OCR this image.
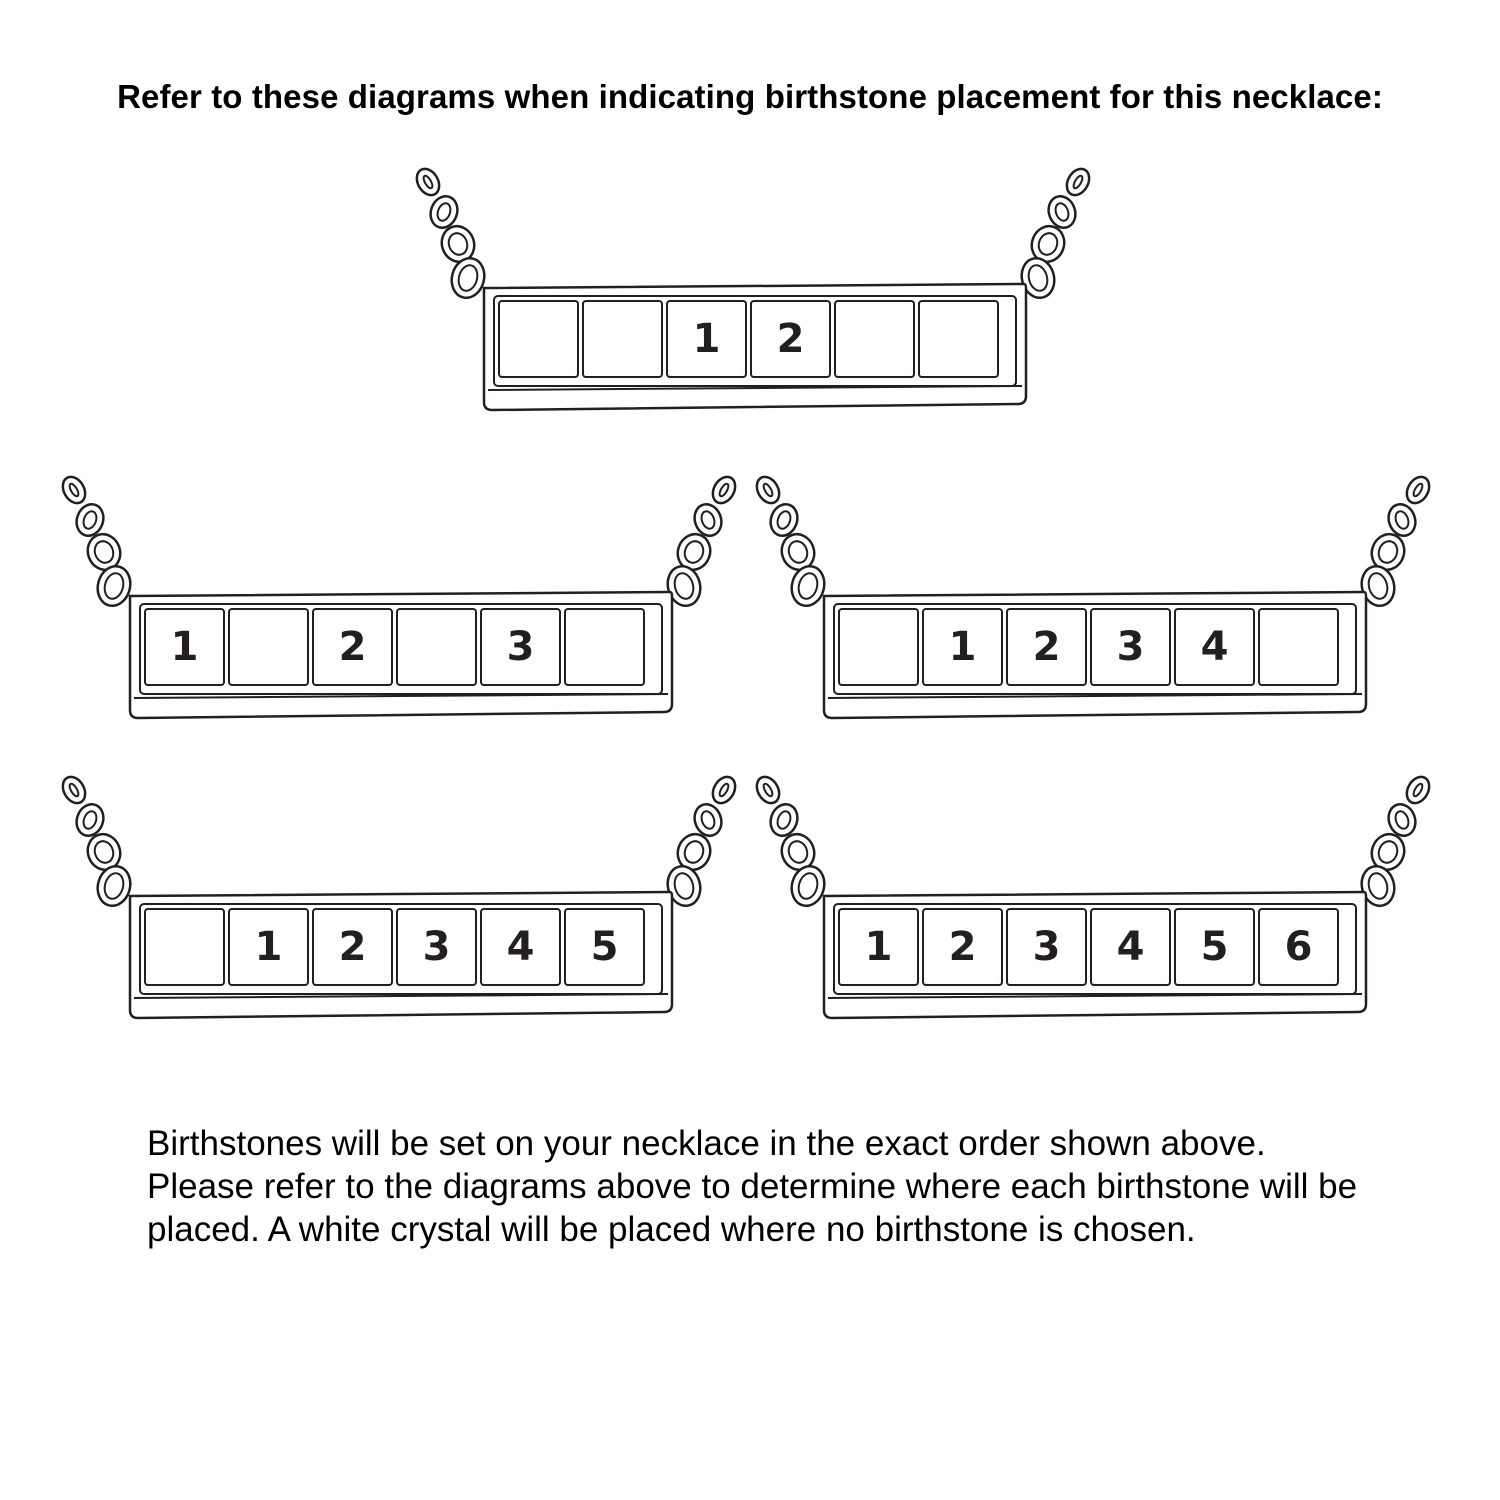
Refer to these diagrams when indicating birthstone placement for this necklace:
1	2
1	2	3	1	2	3	4
1	2	3	4	5	1	2	3	4	5	6
Birthstones will be set on your necklace in the exact order shown above. Please refer to the diagrams above to determine where each birthstone will be placed. A white crystal will be placed where no birthstone is chosen.
